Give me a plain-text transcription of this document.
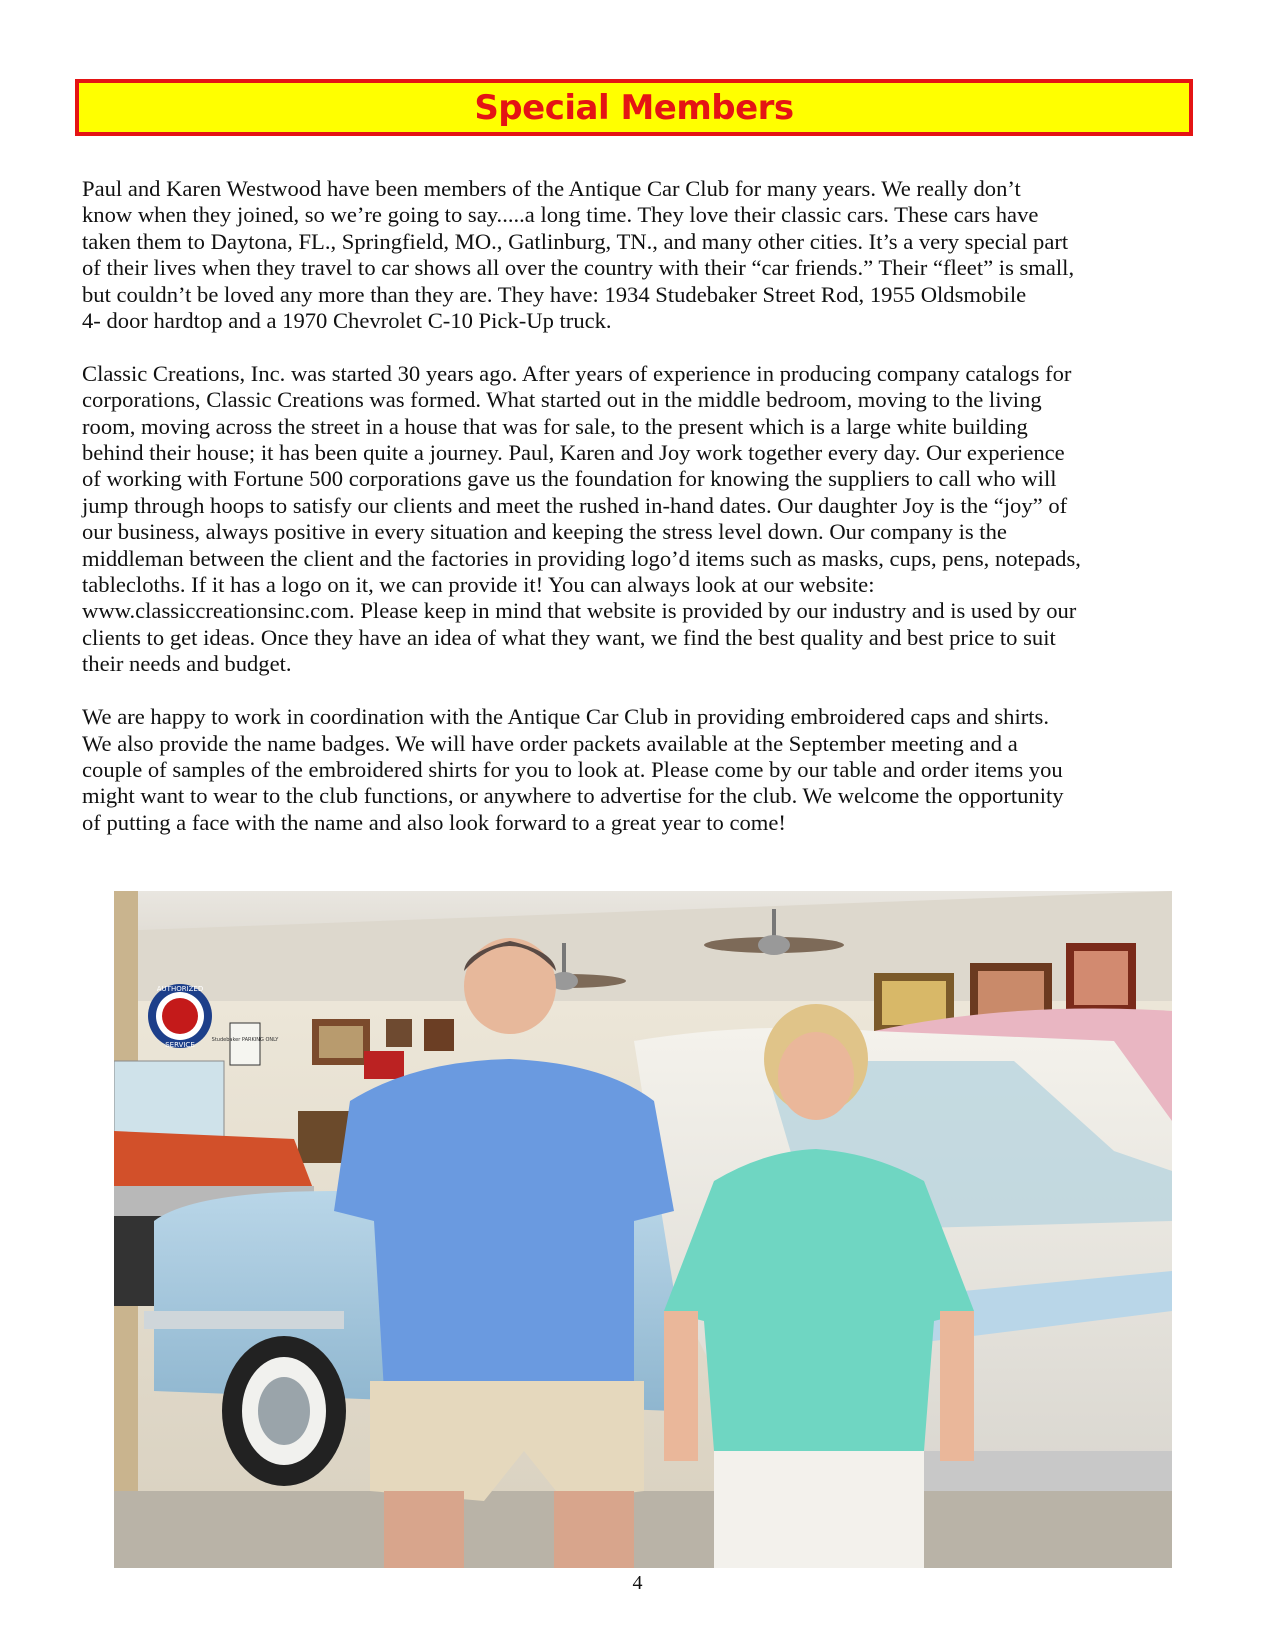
Special Members

Paul and Karen Westwood have been members of the Antique Car Club for many years. We really don’t
know when they joined, so we’re going to say.....a long time. They love their classic cars. These cars have
taken them to Daytona, FL., Springfield, MO., Gatlinburg, TN., and many other cities. It’s a very special part
of their lives when they travel to car shows all over the country with their “car friends.” Their “fleet” is small,
but couldn’t be loved any more than they are. They have: 1934 Studebaker Street Rod, 1955 Oldsmobile
4- door hardtop and a 1970 Chevrolet C-10 Pick-Up truck.

Classic Creations, Inc. was started 30 years ago. After years of experience in producing company catalogs for
corporations, Classic Creations was formed. What started out in the middle bedroom, moving to the living
room, moving across the street in a house that was for sale, to the present which is a large white building
behind their house; it has been quite a journey. Paul, Karen and Joy work together every day. Our experience
of working with Fortune 500 corporations gave us the foundation for knowing the suppliers to call who will
jump through hoops to satisfy our clients and meet the rushed in-hand dates. Our daughter Joy is the “joy” of
our business, always positive in every situation and keeping the stress level down. Our company is the
middleman between the client and the factories in providing logo’d items such as masks, cups, pens, notepads,
tablecloths. If it has a logo on it, we can provide it! You can always look at our website:
www.classiccreationsinc.com. Please keep in mind that website is provided by our industry and is used by our
clients to get ideas. Once they have an idea of what they want, we find the best quality and best price to suit
their needs and budget.

We are happy to work in coordination with the Antique Car Club in providing embroidered caps and shirts.
We also provide the name badges. We will have order packets available at the September meeting and a
couple of samples of the embroidered shirts for you to look at. Please come by our table and order items you
might want to wear to the club functions, or anywhere to advertise for the club. We welcome the opportunity
of putting a face with the name and also look forward to a great year to come!

AUTHORIZED
SERVICE
Studebaker PARKING ONLY
4
